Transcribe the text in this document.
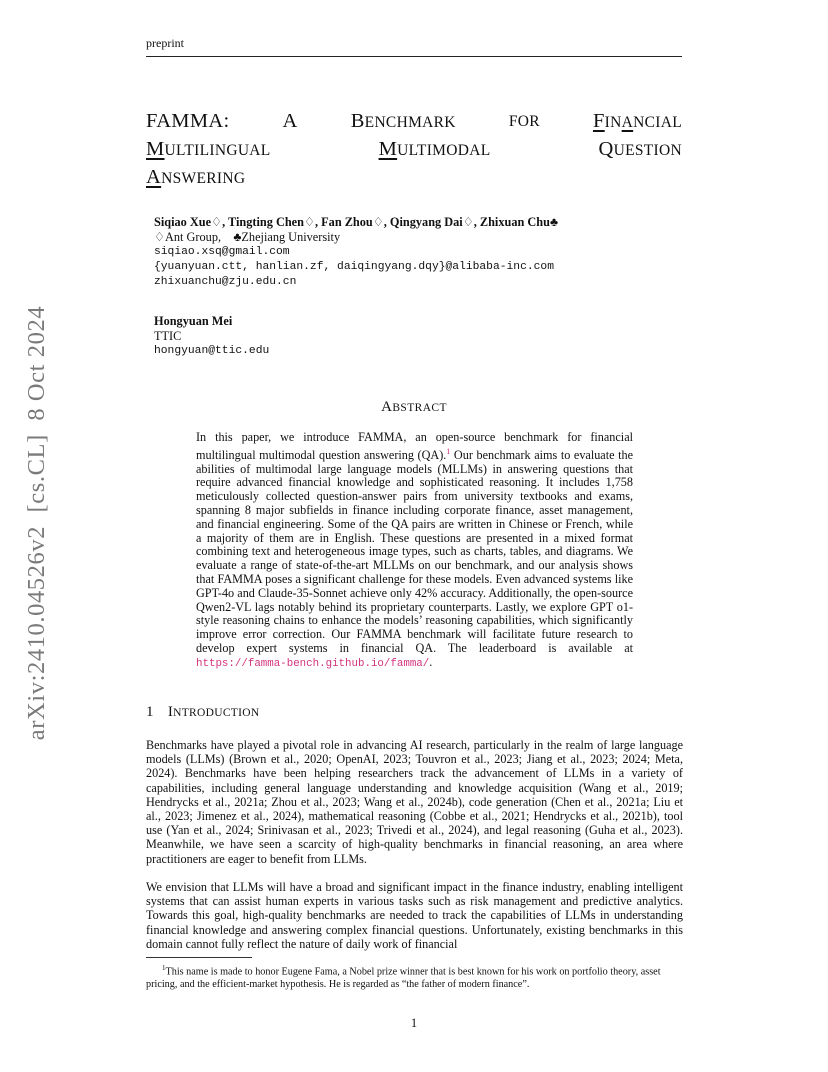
preprint
FAMMA:	A	BENCHMARK	FOR	FINANCIAL
MULTILINGUAL	MULTIMODAL	QUESTION
ANSWERING
Siqiao Xue♢, Tingting Chen♢, Fan Zhou♢, Qingyang Dai♢, Zhixuan Chu♣
♢Ant Group,    ♣Zhejiang University
siqiao.xsq@gmail.com
{yuanyuan.ctt, hanlian.zf, daiqingyang.dqy}@alibaba-inc.com
zhixuanchu@zju.edu.cn
Hongyuan Mei
TTIC
hongyuan@ttic.edu
ABSTRACT
In this paper, we introduce FAMMA, an open-source benchmark for financial multilingual multimodal question answering (QA).$^1$ Our benchmark aims to evaluate the abilities of multimodal large language models (MLLMs) in answering questions that require advanced financial knowledge and sophisticated reasoning. It includes 1,758 meticulously collected question-answer pairs from university textbooks and exams, spanning 8 major subfields in finance including corporate finance, asset management, and financial engineering. Some of the QA pairs are written in Chinese or French, while a majority of them are in English. These questions are presented in a mixed format combining text and heterogeneous image types, such as charts, tables, and diagrams. We evaluate a range of state-of-the-art MLLMs on our benchmark, and our analysis shows that FAMMA poses a significant challenge for these models. Even advanced systems like GPT-4o and Claude-35-Sonnet achieve only 42% accuracy. Additionally, the open-source Qwen2-VL lags notably behind its proprietary counterparts. Lastly, we explore GPT o1-style reasoning chains to enhance the models’ reasoning capabilities, which significantly improve error correction. Our FAMMA benchmark will facilitate future research to develop expert systems in financial QA. The leaderboard is available at https://famma-bench.github.io/famma/.
1 INTRODUCTION
Benchmarks have played a pivotal role in advancing AI research, particularly in the realm of large language models (LLMs) (Brown et al., 2020; OpenAI, 2023; Touvron et al., 2023; Jiang et al., 2023; 2024; Meta, 2024). Benchmarks have been helping researchers track the advancement of LLMs in a variety of capabilities, including general language understanding and knowledge acquisition (Wang et al., 2019; Hendrycks et al., 2021a; Zhou et al., 2023; Wang et al., 2024b), code generation (Chen et al., 2021a; Liu et al., 2023; Jimenez et al., 2024), mathematical reasoning (Cobbe et al., 2021; Hendrycks et al., 2021b), tool use (Yan et al., 2024; Srinivasan et al., 2023; Trivedi et al., 2024), and legal reasoning (Guha et al., 2023). Meanwhile, we have seen a scarcity of high-quality benchmarks in financial reasoning, an area where practitioners are eager to benefit from LLMs.
We envision that LLMs will have a broad and significant impact in the finance industry, enabling intelligent systems that can assist human experts in various tasks such as risk management and predictive analytics. Towards this goal, high-quality benchmarks are needed to track the capabilities of LLMs in understanding financial knowledge and answering complex financial questions. Unfortunately, existing benchmarks in this domain cannot fully reflect the nature of daily work of financial
$^1$This name is made to honor Eugene Fama, a Nobel prize winner that is best known for his work on portfolio theory, asset pricing, and the efficient-market hypothesis. He is regarded as “the father of modern finance”.
1
arXiv:2410.04526v2  [cs.CL]  8 Oct 2024
